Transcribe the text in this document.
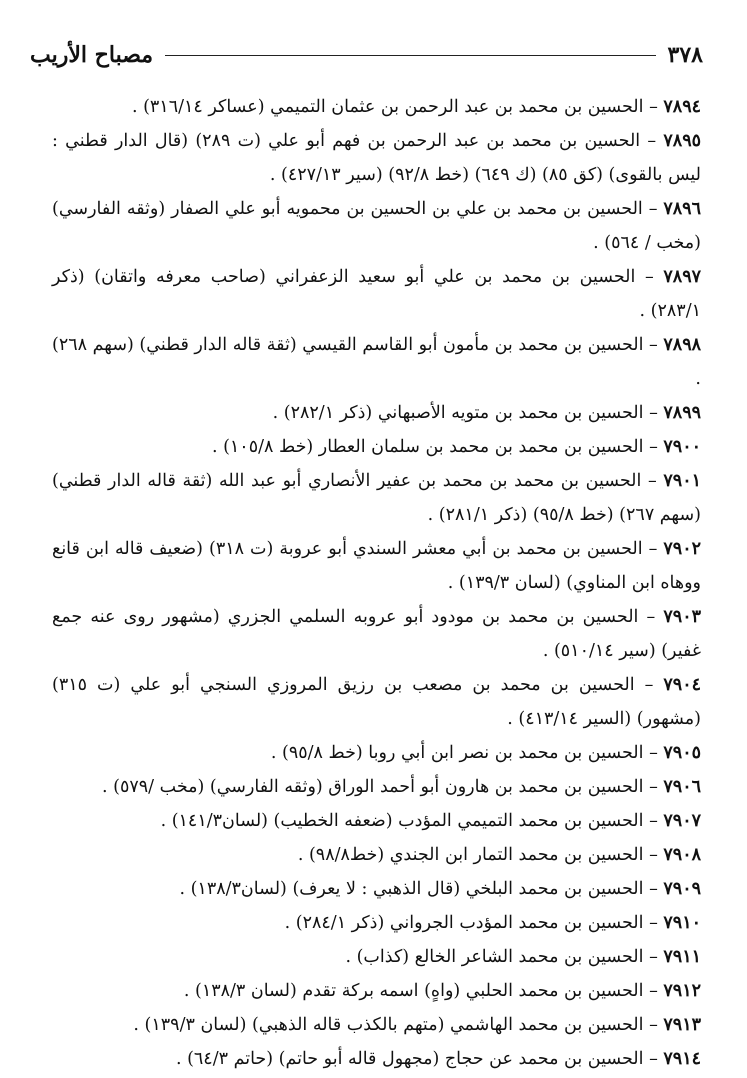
٣٧٨
مصباح الأريب

٧٨٩٤ – الحسين بن محمد بن عبد الرحمن بن عثمان التميمي (عساكر ٣١٦/١٤) .

٧٨٩٥ – الحسين بن محمد بن عبد الرحمن بن فهم أبو علي (ت ٢٨٩) (قال الدار قطني : ليس بالقوى) (كق ٨٥) (ك ٦٤٩) (خط ٩٢/٨) (سير ٤٢٧/١٣) .

٧٨٩٦ – الحسين بن محمد بن علي بن الحسين بن محمويه أبو علي الصفار (وثقه الفارسي) (مخب / ٥٦٤) .

٧٨٩٧ – الحسين بن محمد بن علي أبو سعيد الزعفراني (صاحب معرفه واتقان) (ذكر ٢٨٣/١) .

٧٨٩٨ – الحسين بن محمد بن مأمون أبو القاسم القيسي (ثقة قاله الدار قطني) (سهم ٢٦٨) .

٧٨٩٩ – الحسين بن محمد بن متويه الأصبهاني (ذكر ٢٨٢/١) .

٧٩٠٠ – الحسين بن محمد بن محمد بن سلمان العطار (خط ١٠٥/٨) .

٧٩٠١ – الحسين بن محمد بن محمد بن عفير الأنصاري أبو عبد الله (ثقة قاله الدار قطني) (سهم ٢٦٧) (خط ٩٥/٨) (ذكر ٢٨١/١) .

٧٩٠٢ – الحسين بن محمد بن أبي معشر السندي أبو عروبة (ت ٣١٨) (ضعيف قاله ابن قانع ووهاه ابن المناوي) (لسان ١٣٩/٣) .

٧٩٠٣ – الحسين بن محمد بن مودود أبو عروبه السلمي الجزري (مشهور روى عنه جمع غفير) (سير ٥١٠/١٤) .

٧٩٠٤ – الحسين بن محمد بن مصعب بن رزيق المروزي السنجي أبو علي (ت ٣١٥) (مشهور) (السير ٤١٣/١٤) .

٧٩٠٥ – الحسين بن محمد بن نصر ابن أبي روبا (خط ٩٥/٨) .

٧٩٠٦ – الحسين بن محمد بن هارون أبو أحمد الوراق (وثقه الفارسي) (مخب /٥٧٩) .

٧٩٠٧ – الحسين بن محمد التميمي المؤدب (ضعفه الخطيب) (لسان١٤١/٣) .

٧٩٠٨ – الحسين بن محمد التمار ابن الجندي (خط٩٨/٨) .

٧٩٠٩ – الحسين بن محمد البلخي (قال الذهبي : لا يعرف) (لسان١٣٨/٣) .

٧٩١٠ – الحسين بن محمد المؤدب الجرواني (ذكر ٢٨٤/١) .

٧٩١١ – الحسين بن محمد الشاعر الخالع (كذاب) .

٧٩١٢ – الحسين بن محمد الحلبي (واهٍ) اسمه بركة تقدم (لسان ١٣٨/٣) .

٧٩١٣ – الحسين بن محمد الهاشمي (متهم بالكذب قاله الذهبي) (لسان ١٣٩/٣) .

٧٩١٤ – الحسين بن محمد عن حجاج (مجهول قاله أبو حاتم) (حاتم ٦٤/٣) .
